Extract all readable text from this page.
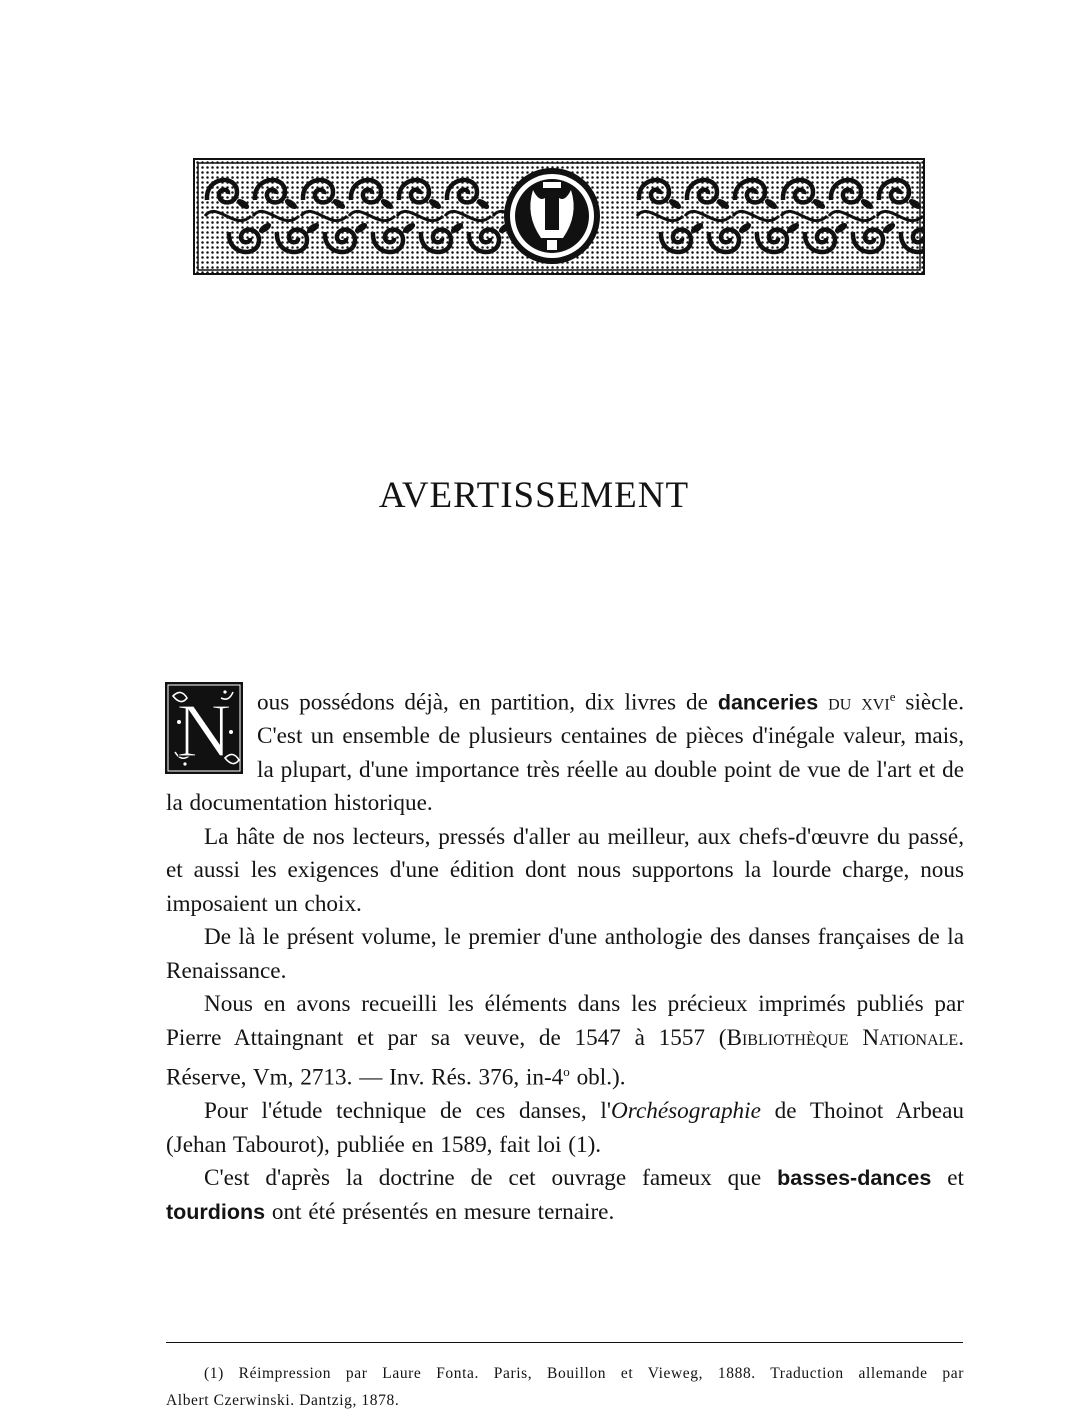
AVERTISSEMENT

N ous possédons déjà, en partition, dix livres de danceries du xvi$^e$ siècle. C'est un ensemble de plusieurs centaines de pièces d'inégale valeur, mais, la plupart, d'une importance très réelle au double point de vue de l'art et de la documentation historique.

La hâte de nos lecteurs, pressés d'aller au meilleur, aux chefs-d'œuvre du passé, et aussi les exigences d'une édition dont nous supportons la lourde charge, nous imposaient un choix.

De là le présent volume, le premier d'une anthologie des danses françaises de la Renaissance.

Nous en avons recueilli les éléments dans les précieux imprimés publiés par Pierre Attaingnant et par sa veuve, de 1547 à 1557 (Bibliothèque Nationale. Réserve, Vm, 2713. — Inv. Rés. 376, in-4$^o$ obl.).

Pour l'étude technique de ces danses, l'Orchésographie de Thoinot Arbeau (Jehan Tabourot), publiée en 1589, fait loi (1).

C'est d'après la doctrine de cet ouvrage fameux que basses-dances et tourdions ont été présentés en mesure ternaire.

(1) Réimpression par Laure Fonta. Paris, Bouillon et Vieweg, 1888. Traduction allemande par
Albert Czerwinski. Dantzig, 1878.
